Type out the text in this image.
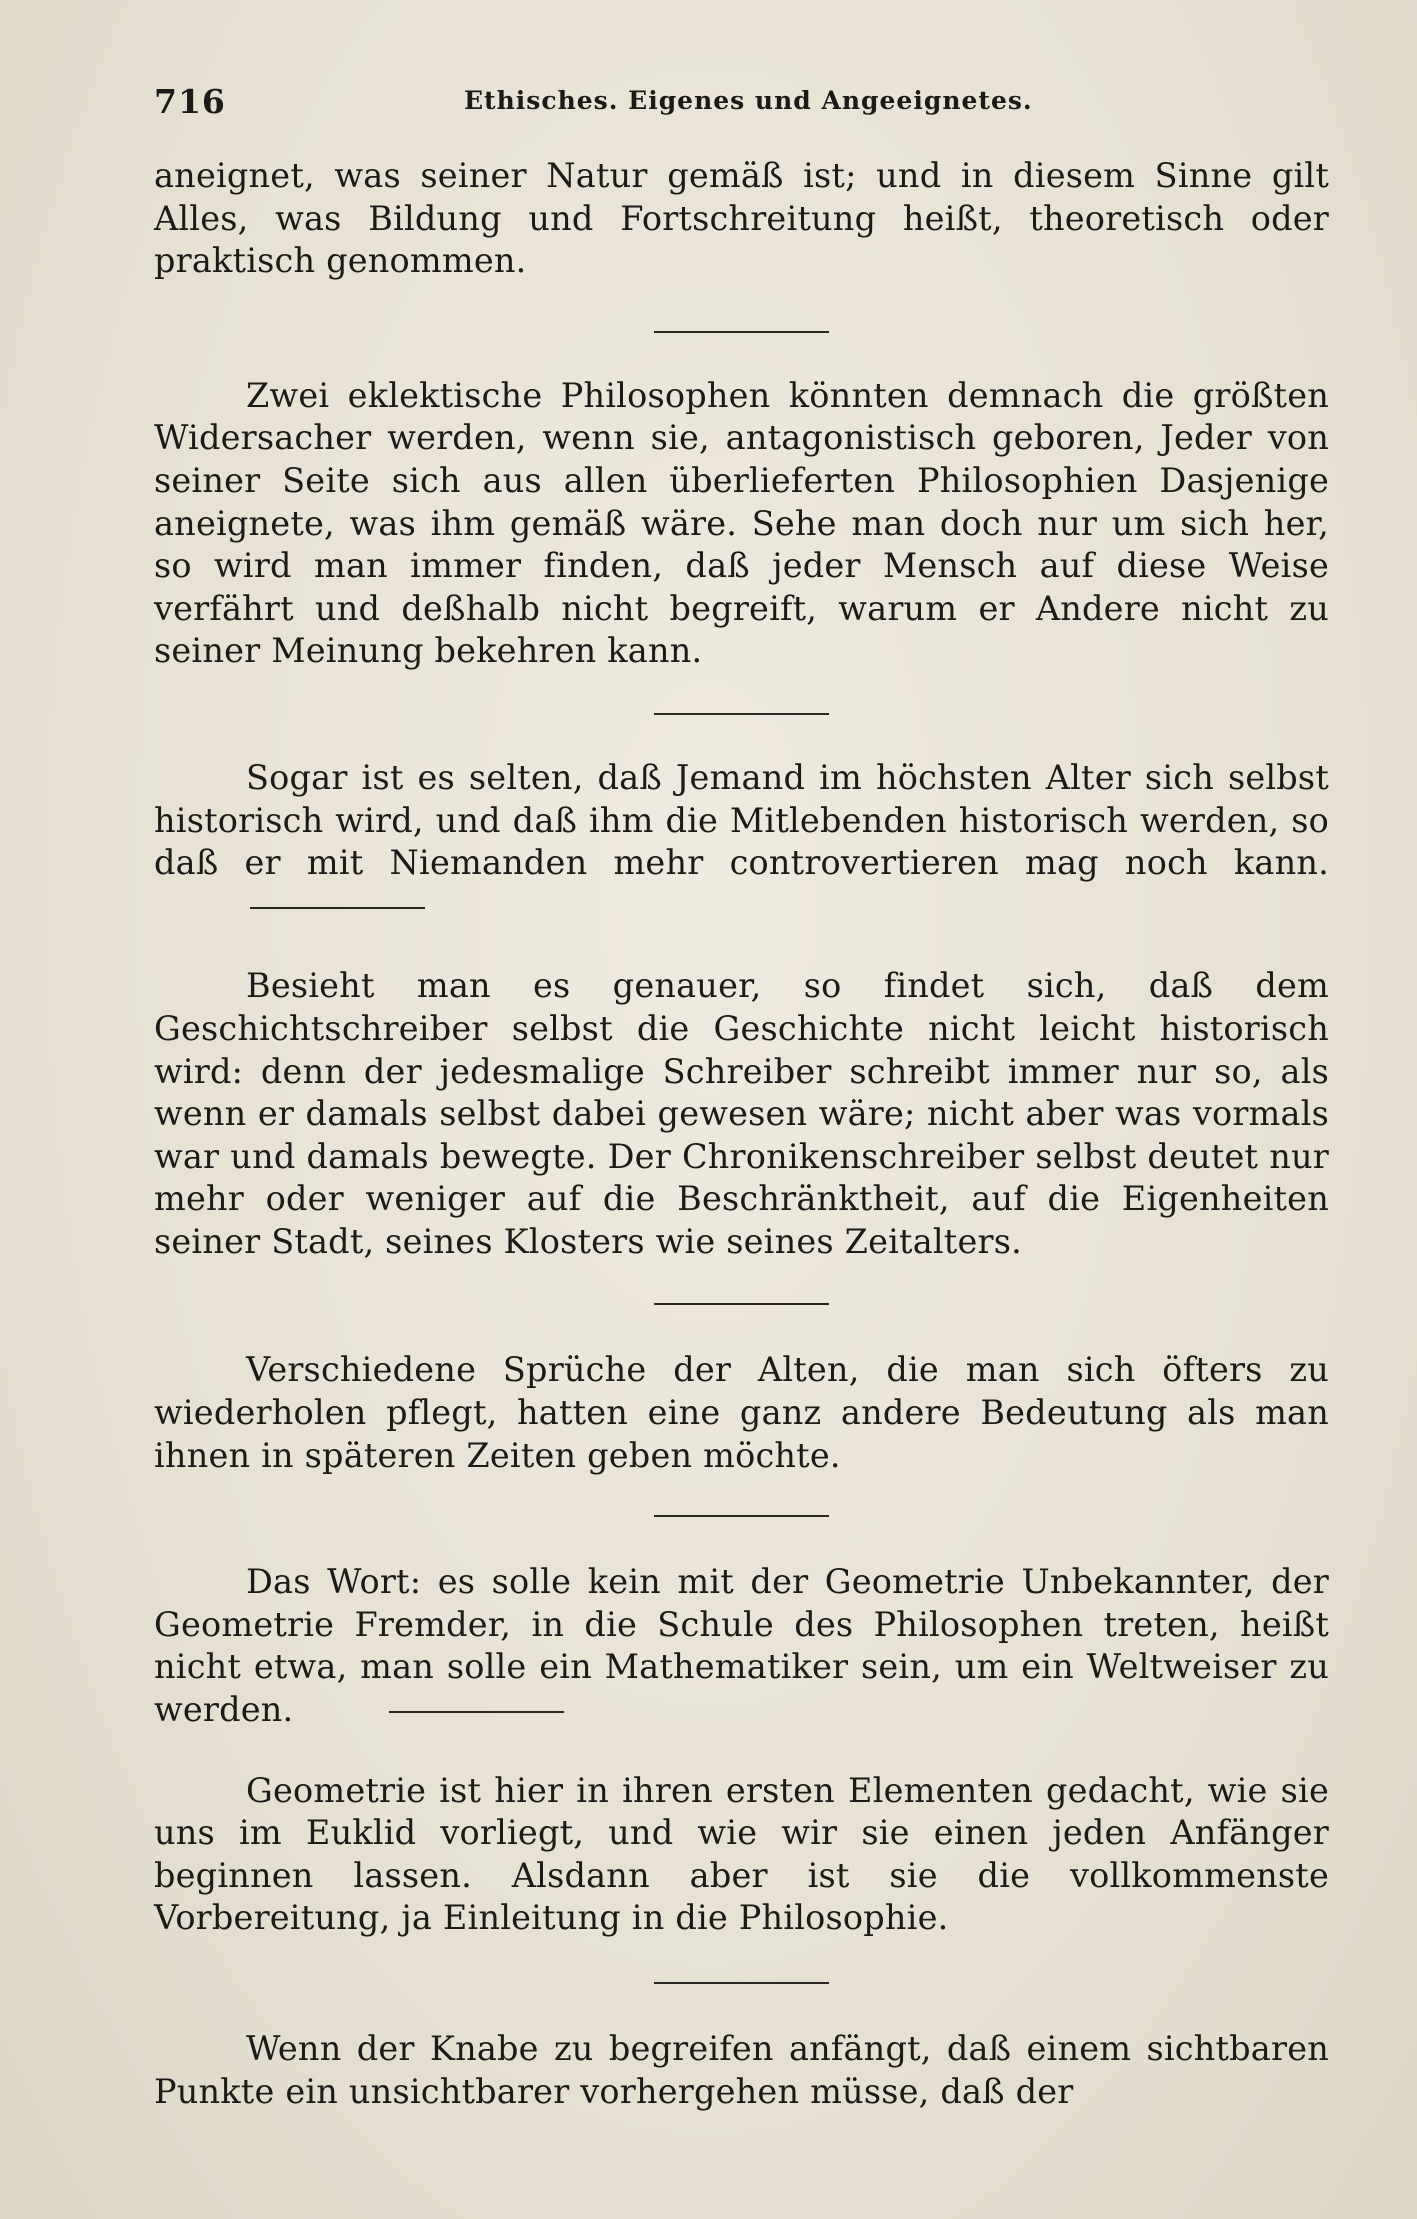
716	Ethisches. Eigenes und Angeeignetes.

aneignet, was seiner Natur gemäß ist; und in diesem Sinne gilt Alles, was Bildung und Fortschreitung heißt, theoretisch oder praktisch genommen.

Zwei eklektische Philosophen könnten demnach die größten Widersacher werden, wenn sie, antagonistisch geboren, Jeder von seiner Seite sich aus allen überlieferten Philosophien Dasjenige aneignete, was ihm gemäß wäre. Sehe man doch nur um sich her, so wird man immer finden, daß jeder Mensch auf diese Weise verfährt und deßhalb nicht begreift, warum er Andere nicht zu seiner Meinung bekehren kann.

Sogar ist es selten, daß Jemand im höchsten Alter sich selbst historisch wird, und daß ihm die Mitlebenden historisch werden, so daß er mit Niemanden mehr controvertieren mag noch kann.

Besieht man es genauer, so findet sich, daß dem Geschichtschreiber selbst die Geschichte nicht leicht historisch wird: denn der jedesmalige Schreiber schreibt immer nur so, als wenn er damals selbst dabei gewesen wäre; nicht aber was vormals war und damals bewegte. Der Chronikenschreiber selbst deutet nur mehr oder weniger auf die Beschränktheit, auf die Eigenheiten seiner Stadt, seines Klosters wie seines Zeitalters.

Verschiedene Sprüche der Alten, die man sich öfters zu wiederholen pflegt, hatten eine ganz andere Bedeutung als man ihnen in späteren Zeiten geben möchte.

Das Wort: es solle kein mit der Geometrie Unbekannter, der Geometrie Fremder, in die Schule des Philosophen treten, heißt nicht etwa, man solle ein Mathematiker sein, um ein Weltweiser zu werden.

Geometrie ist hier in ihren ersten Elementen gedacht, wie sie uns im Euklid vorliegt, und wie wir sie einen jeden Anfänger beginnen lassen. Alsdann aber ist sie die vollkommenste Vorbereitung, ja Einleitung in die Philosophie.

Wenn der Knabe zu begreifen anfängt, daß einem sichtbaren Punkte ein unsichtbarer vorhergehen müsse, daß der
